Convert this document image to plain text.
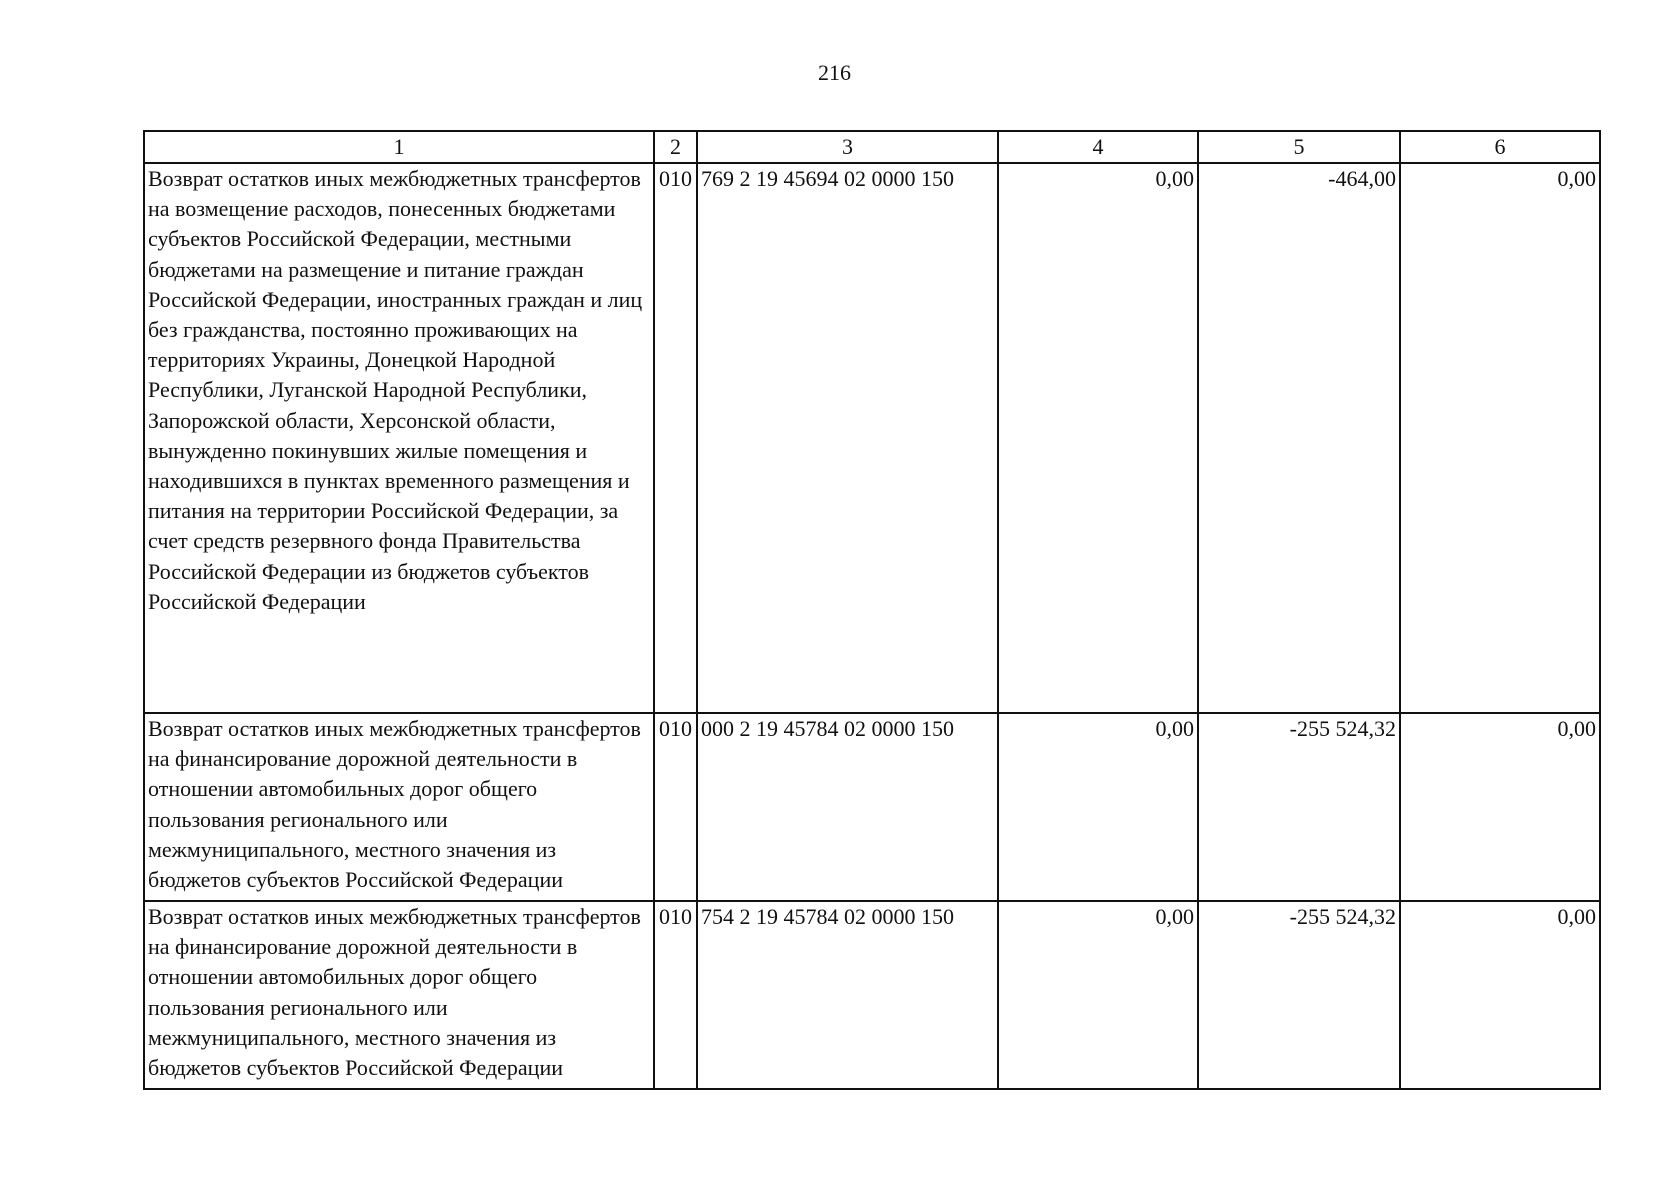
216
1	2	3	4	5	6
Возврат остатков иных межбюджетных трансфертов на возмещение расходов, понесенных бюджетами субъектов Российской Федерации, местными бюджетами на размещение и питание граждан Российской Федерации, иностранных граждан и лиц без гражданства, постоянно проживающих на территориях Украины, Донецкой Народной Республики, Луганской Народной Республики, Запорожской области, Херсонской области, вынужденно покинувших жилые помещения и находившихся в пунктах временного размещения и питания на территории Российской Федерации, за счет средств резервного фонда Правительства Российской Федерации из бюджетов субъектов Российской Федерации	010	769 2 19 45694 02 0000 150	0,00	-464,00	0,00
Возврат остатков иных межбюджетных трансфертов на финансирование дорожной деятельности в отношении автомобильных дорог общего пользования регионального или межмуниципального, местного значения из бюджетов субъектов Российской Федерации	010	000 2 19 45784 02 0000 150	0,00	-255 524,32	0,00
Возврат остатков иных межбюджетных трансфертов на финансирование дорожной деятельности в отношении автомобильных дорог общего пользования регионального или межмуниципального, местного значения из бюджетов субъектов Российской Федерации	010	754 2 19 45784 02 0000 150	0,00	-255 524,32	0,00
